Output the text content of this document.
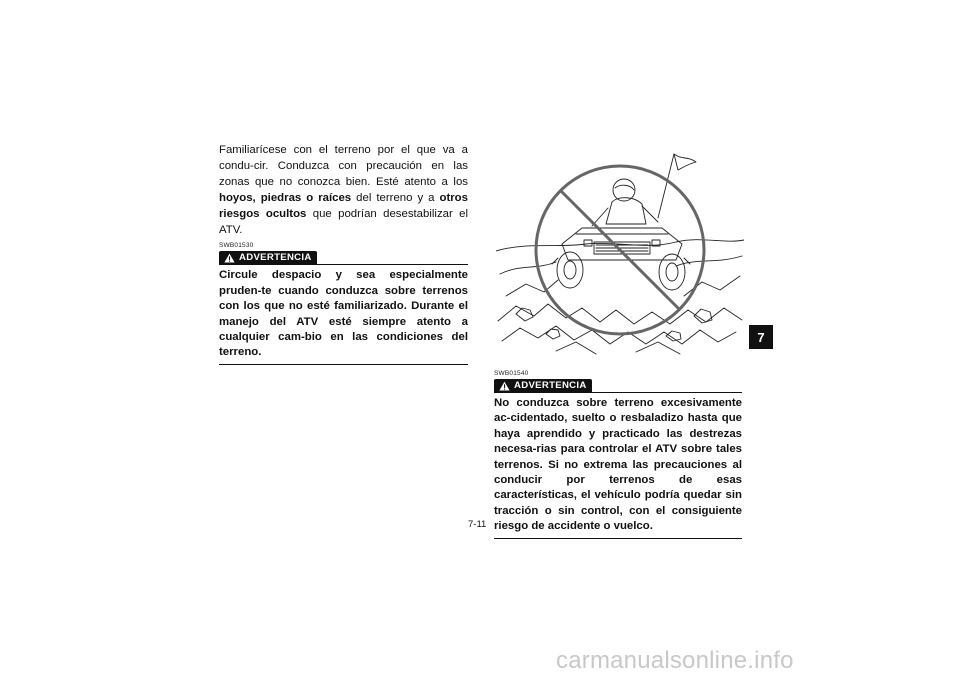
Familiarícese con el terreno por el que va a condu-cir. Conduzca con precaución en las zonas que no conozca bien. Esté atento a los hoyos, piedras o raíces del terreno y a otros riesgos ocultos que podrían desestabilizar el ATV.

SWB01530
ADVERTENCIA

Circule despacio y sea especialmente pruden-te cuando conduzca sobre terrenos con los que no esté familiarizado. Durante el manejo del ATV esté siempre atento a cualquier cam-bio en las condiciones del terreno.

SWB01540
ADVERTENCIA

No conduzca sobre terreno excesivamente ac-cidentado, suelto o resbaladizo hasta que haya aprendido y practicado las destrezas necesa-rias para controlar el ATV sobre tales terrenos. Si no extrema las precauciones al conducir por terrenos de esas características, el vehículo podría quedar sin tracción o sin control, con el consiguiente riesgo de accidente o vuelco.

7-11
7
carmanualsonline.info
